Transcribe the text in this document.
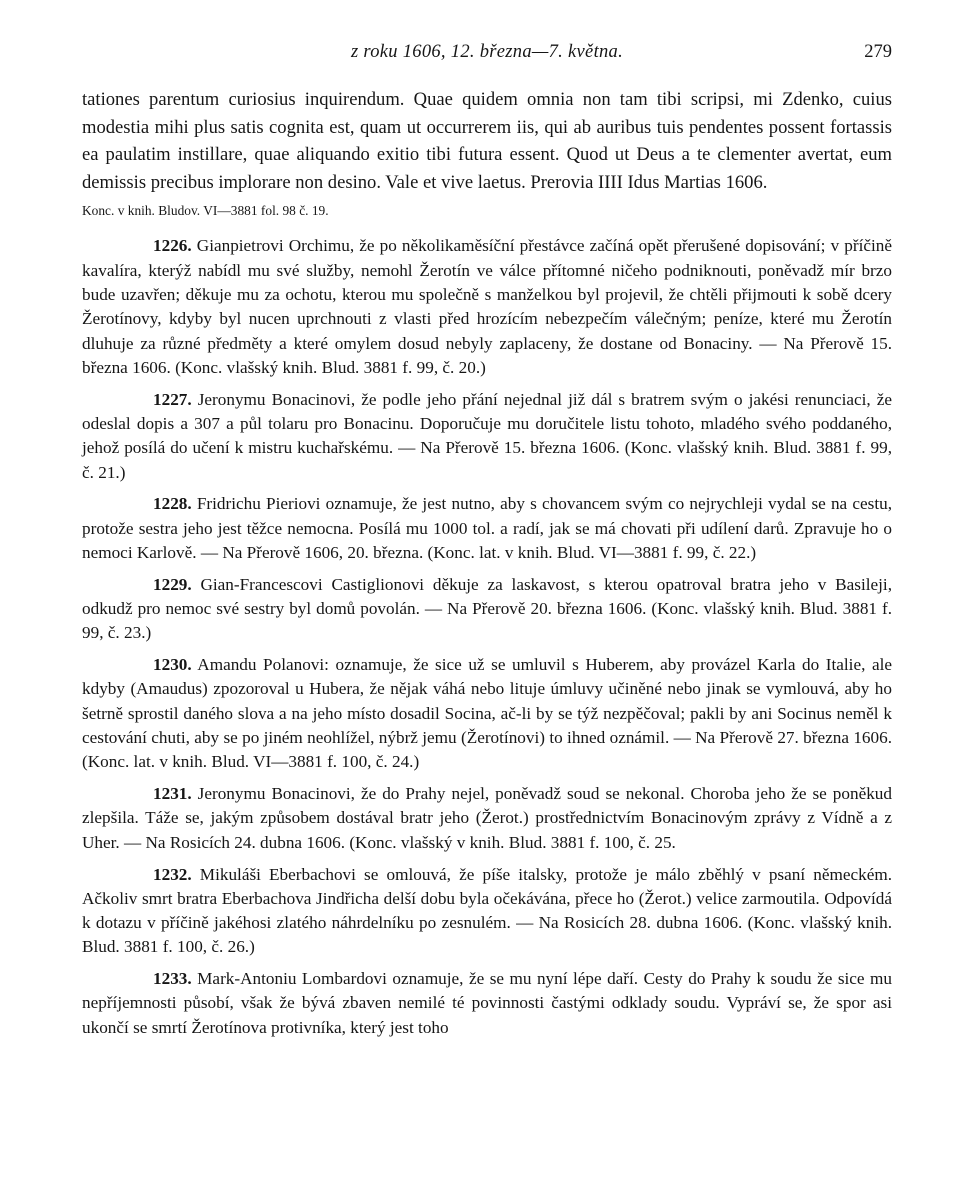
z roku 1606, 12. března—7. května.	279

tationes parentum curiosius inquirendum. Quae quidem omnia non tam tibi scripsi, mi Zdenko, cuius modestia mihi plus satis cognita est, quam ut occurrerem iis, qui ab auribus tuis pendentes possent fortassis ea paulatim instillare, quae aliquando exitio tibi futura essent. Quod ut Deus a te clementer avertat, eum demissis precibus implorare non desino. Vale et vive laetus. Prerovia IIII Idus Martias 1606.

Konc. v knih. Bludov. VI—3881 fol. 98 č. 19.

1226. Gianpietrovi Orchimu, že po několikaměsíční přestávce začíná opět přerušené dopisování; v příčině kavalíra, kterýž nabídl mu své služby, nemohl Žerotín ve válce přítomné ničeho podniknouti, poněvadž mír brzo bude uzavřen; děkuje mu za ochotu, kterou mu společně s manželkou byl projevil, že chtěli přijmouti k sobě dcery Žerotínovy, kdyby byl nucen uprchnouti z vlasti před hrozícím nebezpečím válečným; peníze, které mu Žerotín dluhuje za různé předměty a které omylem dosud nebyly zaplaceny, že dostane od Bonaciny. — Na Přerově 15. března 1606. (Konc. vlašský knih. Blud. 3881 f. 99, č. 20.)

1227. Jeronymu Bonacinovi, že podle jeho přání nejednal již dál s bratrem svým o jakési renunciaci, že odeslal dopis a 307 a půl tolaru pro Bonacinu. Doporučuje mu doručitele listu tohoto, mladého svého poddaného, jehož posílá do učení k mistru kuchařskému. — Na Přerově 15. března 1606. (Konc. vlašský knih. Blud. 3881 f. 99, č. 21.)

1228. Fridrichu Pieriovi oznamuje, že jest nutno, aby s chovancem svým co nejrychleji vydal se na cestu, protože sestra jeho jest těžce nemocna. Posílá mu 1000 tol. a radí, jak se má chovati při udílení darů. Zpravuje ho o nemoci Karlově. — Na Přerově 1606, 20. března. (Konc. lat. v knih. Blud. VI—3881 f. 99, č. 22.)

1229. Gian-Francescovi Castiglionovi děkuje za laskavost, s kterou opatroval bratra jeho v Basileji, odkudž pro nemoc své sestry byl domů povolán. — Na Přerově 20. března 1606. (Konc. vlašský knih. Blud. 3881 f. 99, č. 23.)

1230. Amandu Polanovi: oznamuje, že sice už se umluvil s Huberem, aby provázel Karla do Italie, ale kdyby (Amaudus) zpozoroval u Hubera, že nějak váhá nebo lituje úmluvy učiněné nebo jinak se vymlouvá, aby ho šetrně sprostil daného slova a na jeho místo dosadil Socina, ač-li by se týž nezpěčoval; pakli by ani Socinus neměl k cestování chuti, aby se po jiném neohlížel, nýbrž jemu (Žerotínovi) to ihned oznámil. — Na Přerově 27. března 1606. (Konc. lat. v knih. Blud. VI—3881 f. 100, č. 24.)

1231. Jeronymu Bonacinovi, že do Prahy nejel, poněvadž soud se nekonal. Choroba jeho že se poněkud zlepšila. Táže se, jakým způsobem dostával bratr jeho (Žerot.) prostřednictvím Bonacinovým zprávy z Vídně a z Uher. — Na Rosicích 24. dubna 1606. (Konc. vlašský v knih. Blud. 3881 f. 100, č. 25.

1232. Mikuláši Eberbachovi se omlouvá, že píše italsky, protože je málo zběhlý v psaní německém. Ačkoliv smrt bratra Eberbachova Jindřicha delší dobu byla očekávána, přece ho (Žerot.) velice zarmoutila. Odpovídá k dotazu v příčině jakéhosi zlatého náhrdelníku po zesnulém. — Na Rosicích 28. dubna 1606. (Konc. vlašský knih. Blud. 3881 f. 100, č. 26.)

1233. Mark-Antoniu Lombardovi oznamuje, že se mu nyní lépe daří. Cesty do Prahy k soudu že sice mu nepříjemnosti působí, však že bývá zbaven nemilé té povinnosti častými odklady soudu. Vypráví se, že spor asi ukončí se smrtí Žerotínova protivníka, který jest toho
